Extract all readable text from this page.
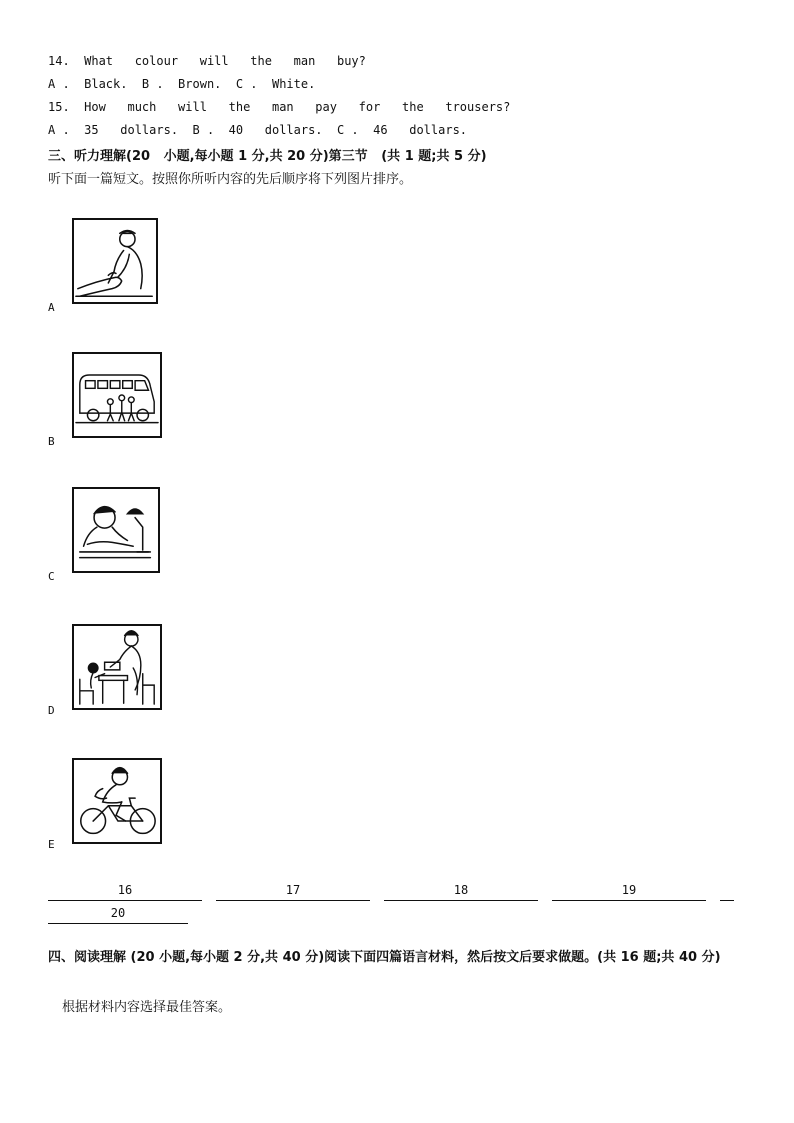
14.  What   colour   will   the   man   buy?
A .  Black.  B .  Brown.  C .  White.
15.  How   much   will   the   man   pay   for   the   trousers?
A .  35   dollars.  B .  40   dollars.  C .  46   dollars.
三、听力理解(20   小题,每小题 1 分,共 20 分)第三节   (共 1 题;共 5 分)
听下面一篇短文。按照你所听内容的先后顺序将下列图片排序。
A
B
C
D
E
16	17	18	19
20
四、阅读理解 (20 小题,每小题 2 分,共 40 分)阅读下面四篇语言材料，然后按文后要求做题。(共 16 题;共 40 分)
根据材料内容选择最佳答案。
